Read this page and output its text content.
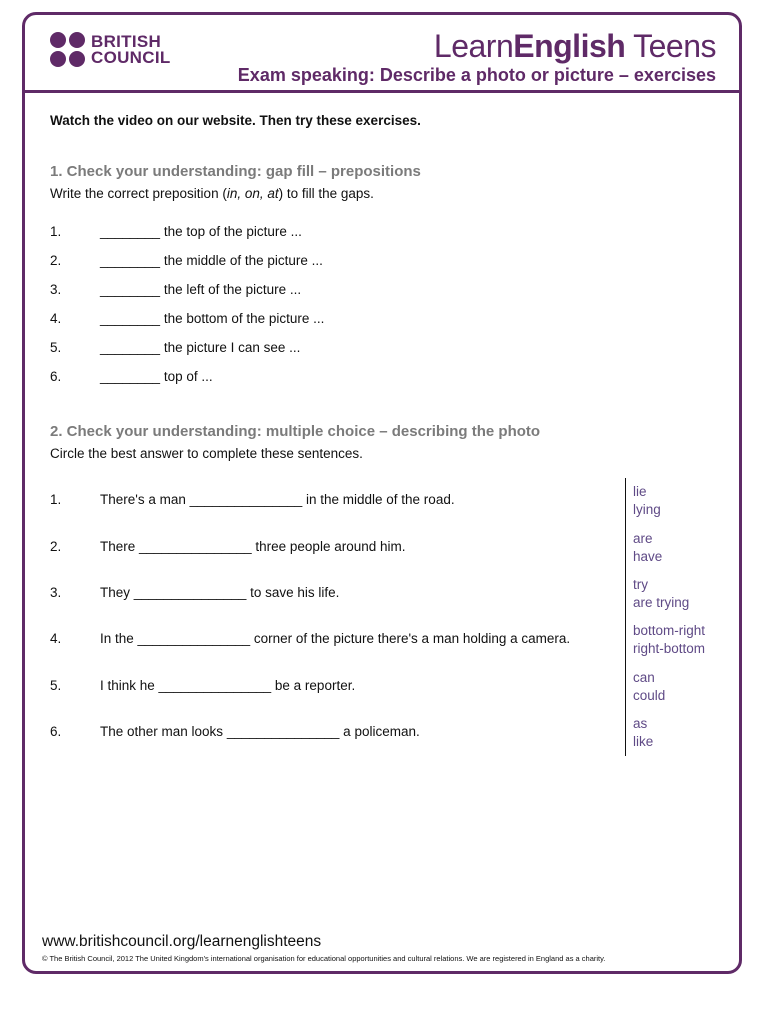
BRITISH
COUNCIL	LearnEnglish Teens
Exam speaking: Describe a photo or picture – exercises
Watch the video on our website. Then try these exercises.
1. Check your understanding: gap fill – prepositions
Write the correct preposition (in, on, at) to fill the gaps.
1.	________ the top of the picture ...
2.	________ the middle of the picture ...
3.	________ the left of the picture ...
4.	________ the bottom of the picture ...
5.	________ the picture I can see ...
6.	________ top of ...
2. Check your understanding: multiple choice – describing the photo
Circle the best answer to complete these sentences.
1.	There's a man _______________ in the middle of the road.
lie
lying
2.	There _______________ three people around him.
are
have
3.	They _______________ to save his life.
try
are trying
4.	In the _______________ corner of the picture there's a man holding a camera.
bottom-right
right-bottom
5.	I think he _______________ be a reporter.
can
could
6.	The other man looks _______________ a policeman.
as
like
www.britishcouncil.org/learnenglishteens
© The British Council, 2012 The United Kingdom's international organisation for educational opportunities and cultural relations. We are registered in England as a charity.
